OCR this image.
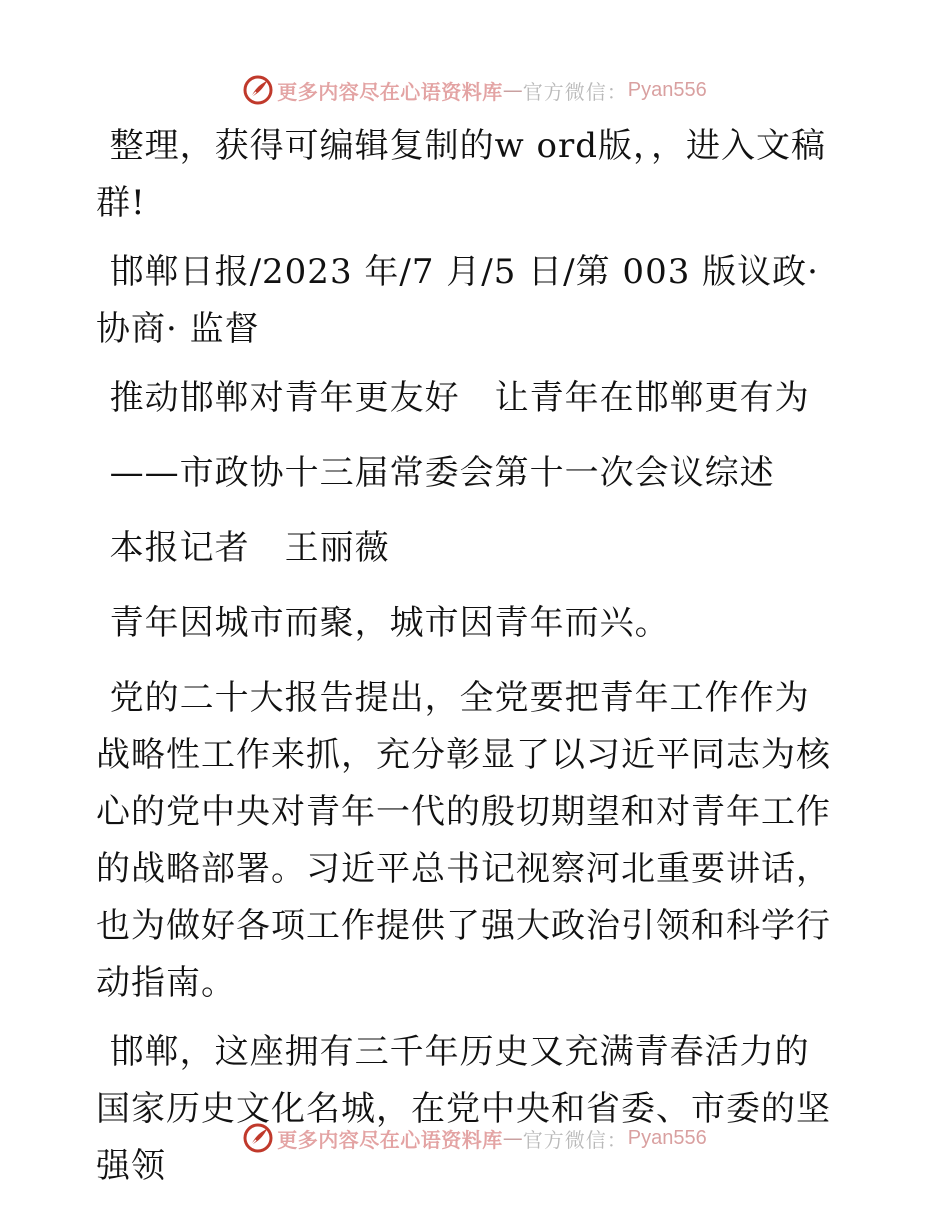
更多内容尽在心语资料库 — 官方微信： Pyan556

整理，获得可编辑复制的w ord版，，进入文稿群!

邯郸日报/2023 年/7 月/5 日/第 003 版议政·协商· 监督

推动邯郸对青年更友好　让青年在邯郸更有为

——市政协十三届常委会第十一次会议综述

本报记者　王丽薇

青年因城市而聚，城市因青年而兴。

党的二十大报告提出，全党要把青年工作作为战略性工作来抓，充分彰显了以习近平同志为核心的党中央对青年一代的殷切期望和对青年工作的战略部署。习近平总书记视察河北重要讲话，也为做好各项工作提供了强大政治引领和科学行动指南。

邯郸，这座拥有三千年历史又充满青春活力的国家历史文化名城，在党中央和省委、市委的坚强领

更多内容尽在心语资料库 — 官方微信： Pyan556
